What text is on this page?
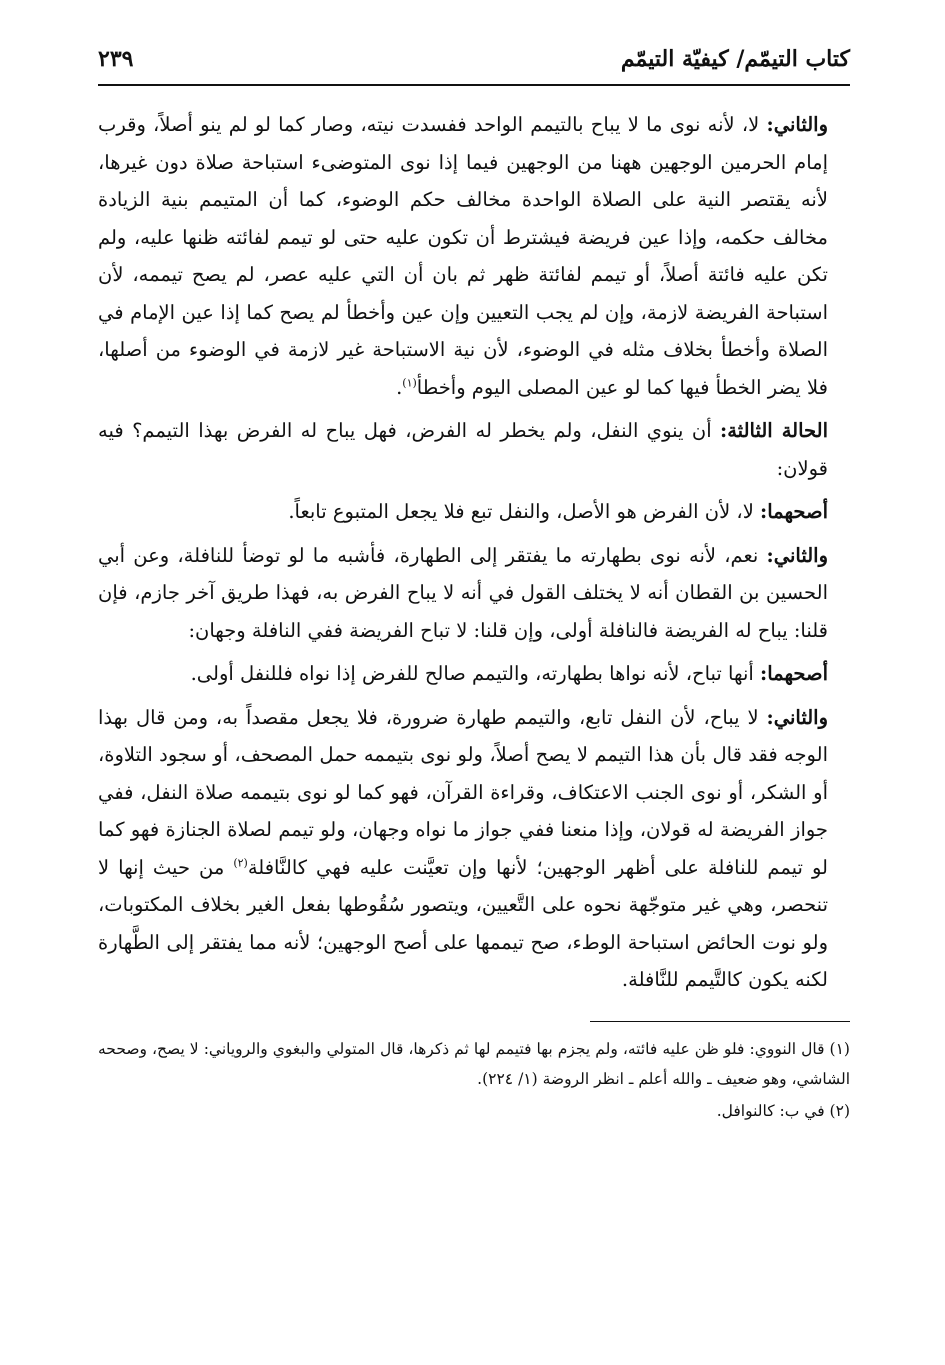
كتاب التيمّم/ كيفيّة التيمّم
٢٣٩

والثاني: لا، لأنه نوى ما لا يباح بالتيمم الواحد ففسدت نيته، وصار كما لو لم ينو أصلاً، وقرب إمام الحرمين الوجهين ههنا من الوجهين فيما إذا نوى المتوضىء استباحة صلاة دون غيرها، لأنه يقتصر النية على الصلاة الواحدة مخالف حكم الوضوء، كما أن المتيمم بنية الزيادة مخالف حكمه، وإذا عين فريضة فيشترط أن تكون عليه حتى لو تيمم لفائته ظنها عليه، ولم تكن عليه فائتة أصلاً، أو تيمم لفائتة ظهر ثم بان أن التي عليه عصر، لم يصح تيممه، لأن استباحة الفريضة لازمة، وإن لم يجب التعيين وإن عين وأخطأ لم يصح كما إذا عين الإمام في الصلاة وأخطأ بخلاف مثله في الوضوء، لأن نية الاستباحة غير لازمة في الوضوء من أصلها، فلا يضر الخطأ فيها كما لو عين المصلى اليوم وأخطأ$^{(١)}$.

الحالة الثالثة: أن ينوي النفل، ولم يخطر له الفرض، فهل يباح له الفرض بهذا التيمم؟ فيه قولان:

أصحهما: لا، لأن الفرض هو الأصل، والنفل تبع فلا يجعل المتبوع تابعاً.

والثاني: نعم، لأنه نوى بطهارته ما يفتقر إلى الطهارة، فأشبه ما لو توضأ للنافلة، وعن أبي الحسين بن القطان أنه لا يختلف القول في أنه لا يباح الفرض به، فهذا طريق آخر جازم، فإن قلنا: يباح له الفريضة فالنافلة أولى، وإن قلنا: لا تباح الفريضة ففي النافلة وجهان:

أصحهما: أنها تباح، لأنه نواها بطهارته، والتيمم صالح للفرض إذا نواه فللنفل أولى.

والثاني: لا يباح، لأن النفل تابع، والتيمم طهارة ضرورة، فلا يجعل مقصداً به، ومن قال بهذا الوجه فقد قال بأن هذا التيمم لا يصح أصلاً، ولو نوى بتيممه حمل المصحف، أو سجود التلاوة، أو الشكر، أو نوى الجنب الاعتكاف، وقراءة القرآن، فهو كما لو نوى بتيممه صلاة النفل، ففي جواز الفريضة له قولان، وإذا منعنا ففي جواز ما نواه وجهان، ولو تيمم لصلاة الجنازة فهو كما لو تيمم للنافلة على أظهر الوجهين؛ لأنها وإن تعيَّنت عليه فهي كالنَّافلة$^{(٢)}$ من حيث إنها لا تنحصر، وهي غير متوجّهة نحوه على التَّعيين، ويتصور سُقُوطها بفعل الغير بخلاف المكتوبات، ولو نوت الحائض استباحة الوطء، صح تيممها على أصح الوجهين؛ لأنه مما يفتقر إلى الطَّهارة لكنه يكون كالتَّيمم للنَّافلة.

(١) قال النووي: فلو ظن عليه فائته، ولم يجزم بها فتيمم لها ثم ذكرها، قال المتولي والبغوي والروياني: لا يصح، وصححه الشاشي، وهو ضعيف ـ والله أعلم ـ انظر الروضة (١/ ٢٢٤).

(٢) في ب: كالنوافل.
